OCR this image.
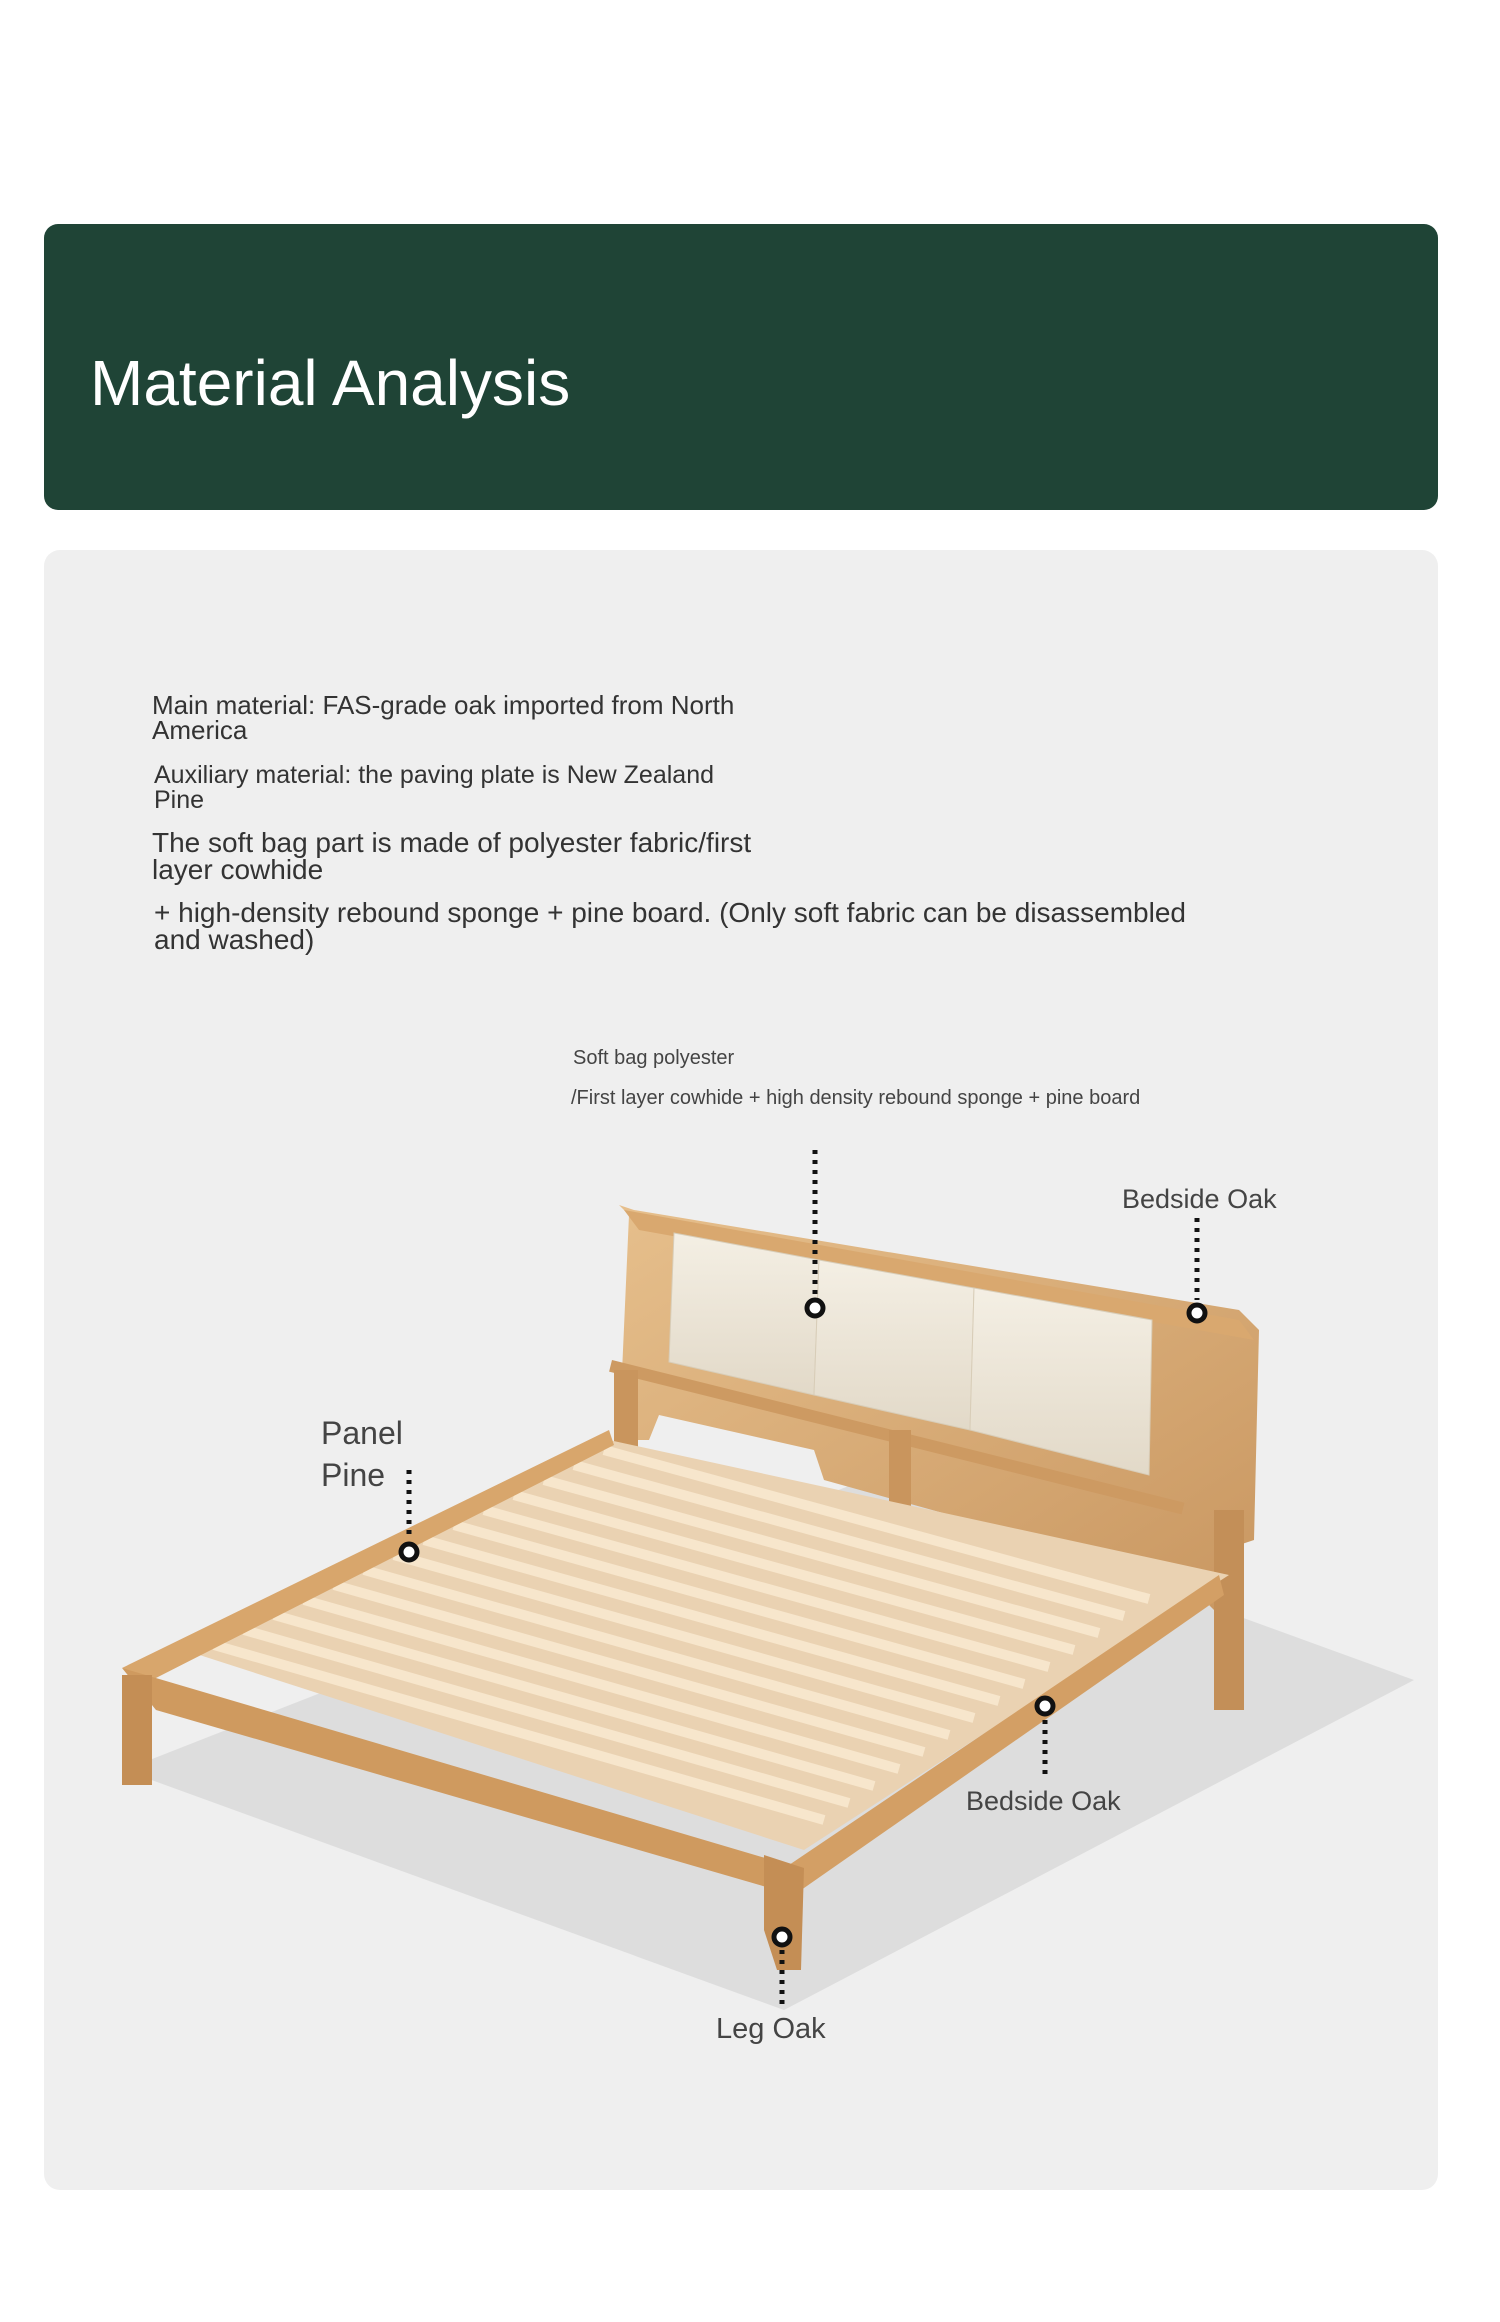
Material Analysis

Main material: FAS-grade oak imported from North America

Auxiliary material: the paving plate is New Zealand Pine

The soft bag part is made of polyester fabric/first layer cowhide

+ high-density rebound sponge + pine board. (Only soft fabric can be disassembled and washed)

Soft bag polyester
/First layer cowhide + high density rebound sponge + pine board
Bedside Oak
Panel Pine
Bedside Oak
Leg Oak
